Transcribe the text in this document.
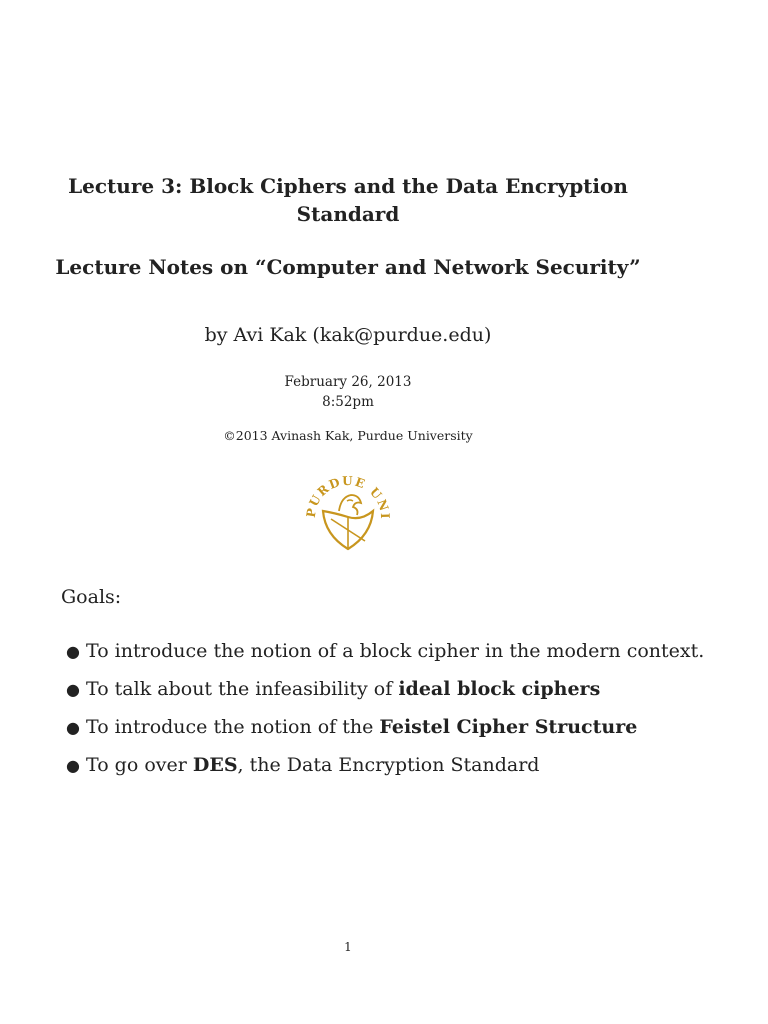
Lecture 3: Block Ciphers and the Data Encryption Standard
Lecture Notes on “Computer and Network Security”
by Avi Kak (kak@purdue.edu)
February 26, 2013
8:52pm
©2013 Avinash Kak, Purdue University
PURDUE UNI
Goals:
● To introduce the notion of a block cipher in the modern context.
● To talk about the infeasibility of ideal block ciphers
● To introduce the notion of the Feistel Cipher Structure
● To go over DES, the Data Encryption Standard
1
